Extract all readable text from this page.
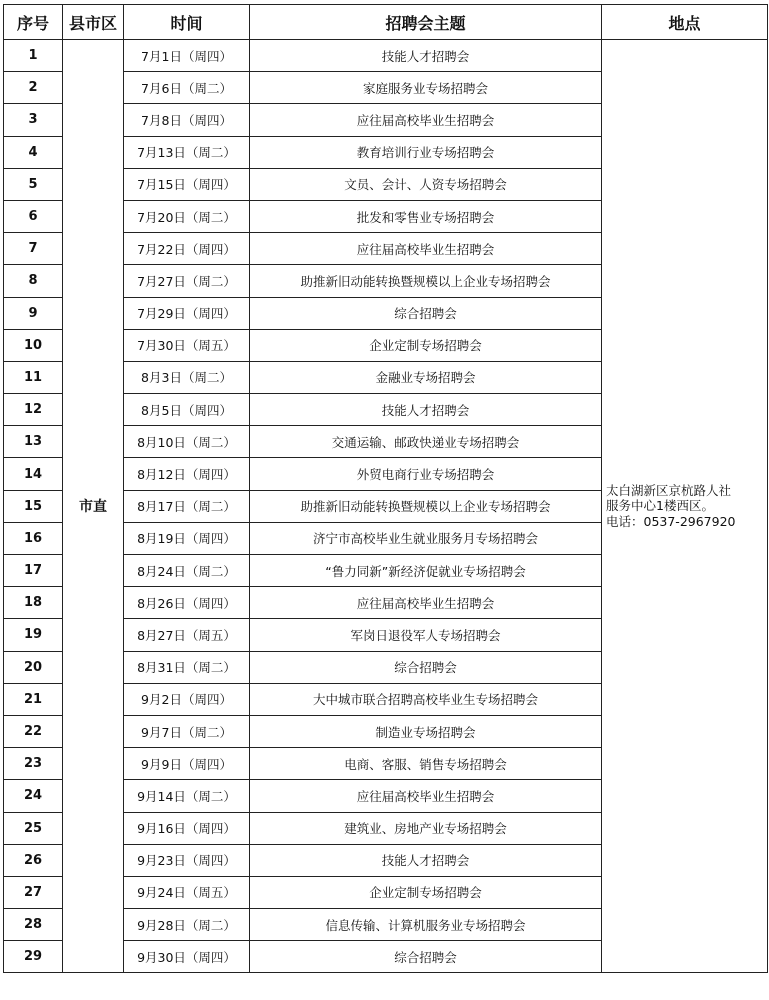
序号	县市区	时间	招聘会主题	地点
1	市直	7月1日（周四）	技能人才招聘会	太白湖新区京杭路人社
服务中心1楼西区。
电话：0537-2967920

2		7月6日（周二）	家庭服务业专场招聘会	
3		7月8日（周四）	应往届高校毕业生招聘会	
4		7月13日（周二）	教育培训行业专场招聘会	
5		7月15日（周四）	文员、会计、人资专场招聘会	
6		7月20日（周二）	批发和零售业专场招聘会	
7		7月22日（周四）	应往届高校毕业生招聘会	
8		7月27日（周二）	助推新旧动能转换暨规模以上企业专场招聘会	
9		7月29日（周四）	综合招聘会	
10		7月30日（周五）	企业定制专场招聘会	
11		8月3日（周二）	金融业专场招聘会	
12		8月5日（周四）	技能人才招聘会	
13		8月10日（周二）	交通运输、邮政快递业专场招聘会	
14		8月12日（周四）	外贸电商行业专场招聘会	
15		8月17日（周二）	助推新旧动能转换暨规模以上企业专场招聘会	
16		8月19日（周四）	济宁市高校毕业生就业服务月专场招聘会	
17		8月24日（周二）	“鲁力同新”新经济促就业专场招聘会	
18		8月26日（周四）	应往届高校毕业生招聘会	
19		8月27日（周五）	军岗日退役军人专场招聘会	
20		8月31日（周二）	综合招聘会	
21		9月2日（周四）	大中城市联合招聘高校毕业生专场招聘会	
22		9月7日（周二）	制造业专场招聘会	
23		9月9日（周四）	电商、客服、销售专场招聘会	
24		9月14日（周二）	应往届高校毕业生招聘会	
25		9月16日（周四）	建筑业、房地产业专场招聘会	
26		9月23日（周四）	技能人才招聘会	
27		9月24日（周五）	企业定制专场招聘会	
28		9月28日（周二）	信息传输、计算机服务业专场招聘会	
29		9月30日（周四）	综合招聘会	
